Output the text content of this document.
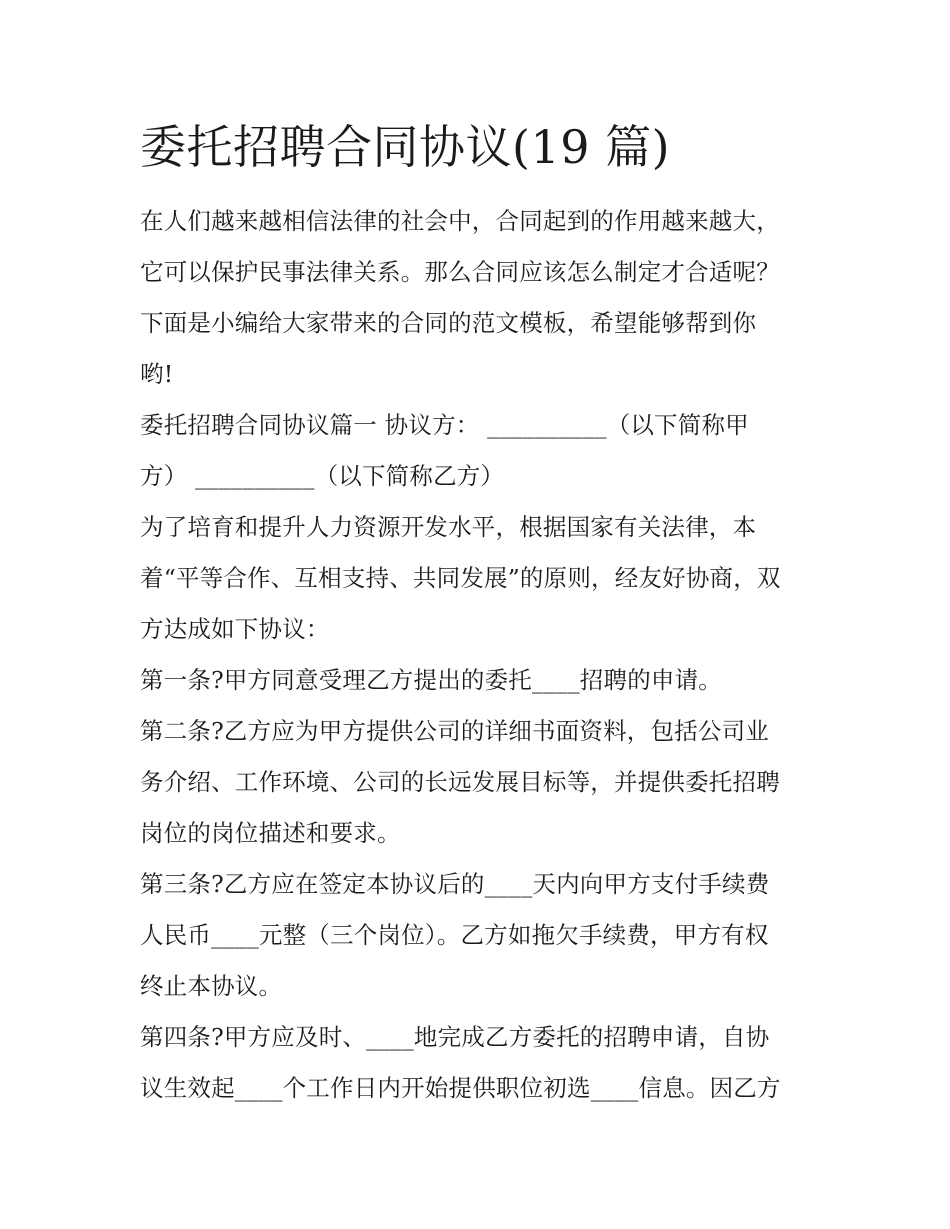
委托招聘合同协议(19 篇)
在人们越来越相信法律的社会中，合同起到的作用越来越大，
它可以保护民事法律关系。那么合同应该怎么制定才合适呢？
下面是小编给大家带来的合同的范文模板，希望能够帮到你
哟!
委托招聘合同协议篇一 协议方： __________（以下简称甲
方） __________（以下简称乙方）
为了培育和提升人力资源开发水平，根据国家有关法律，本
着“平等合作、互相支持、共同发展”的原则，经友好协商，双
方达成如下协议：
第一条?甲方同意受理乙方提出的委托____招聘的申请。
第二条?乙方应为甲方提供公司的详细书面资料，包括公司业
务介绍、工作环境、公司的长远发展目标等，并提供委托招聘
岗位的岗位描述和要求。
第三条?乙方应在签定本协议后的____天内向甲方支付手续费
人民币____元整（三个岗位）。乙方如拖欠手续费，甲方有权
终止本协议。
第四条?甲方应及时、____地完成乙方委托的招聘申请，自协
议生效起____个工作日内开始提供职位初选____信息。因乙方
